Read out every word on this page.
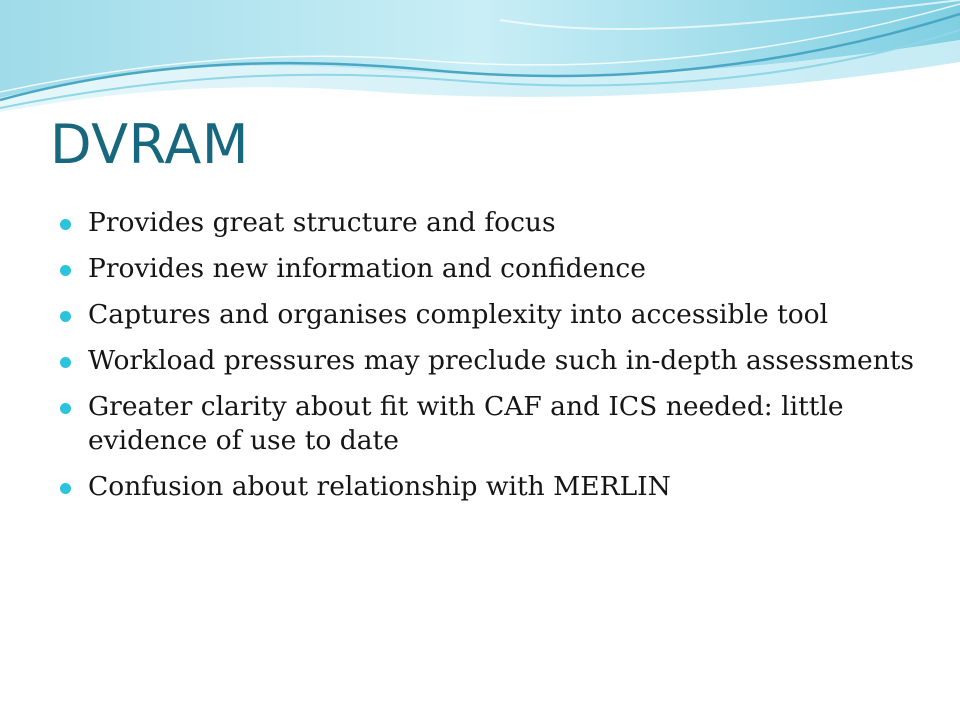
DVRAM
Provides great structure and focus
Provides new information and confidence
Captures and organises complexity into accessible tool
Workload pressures may preclude such in-depth assessments
Greater clarity about fit with CAF and ICS needed: little evidence of use to date
Confusion about relationship with MERLIN
